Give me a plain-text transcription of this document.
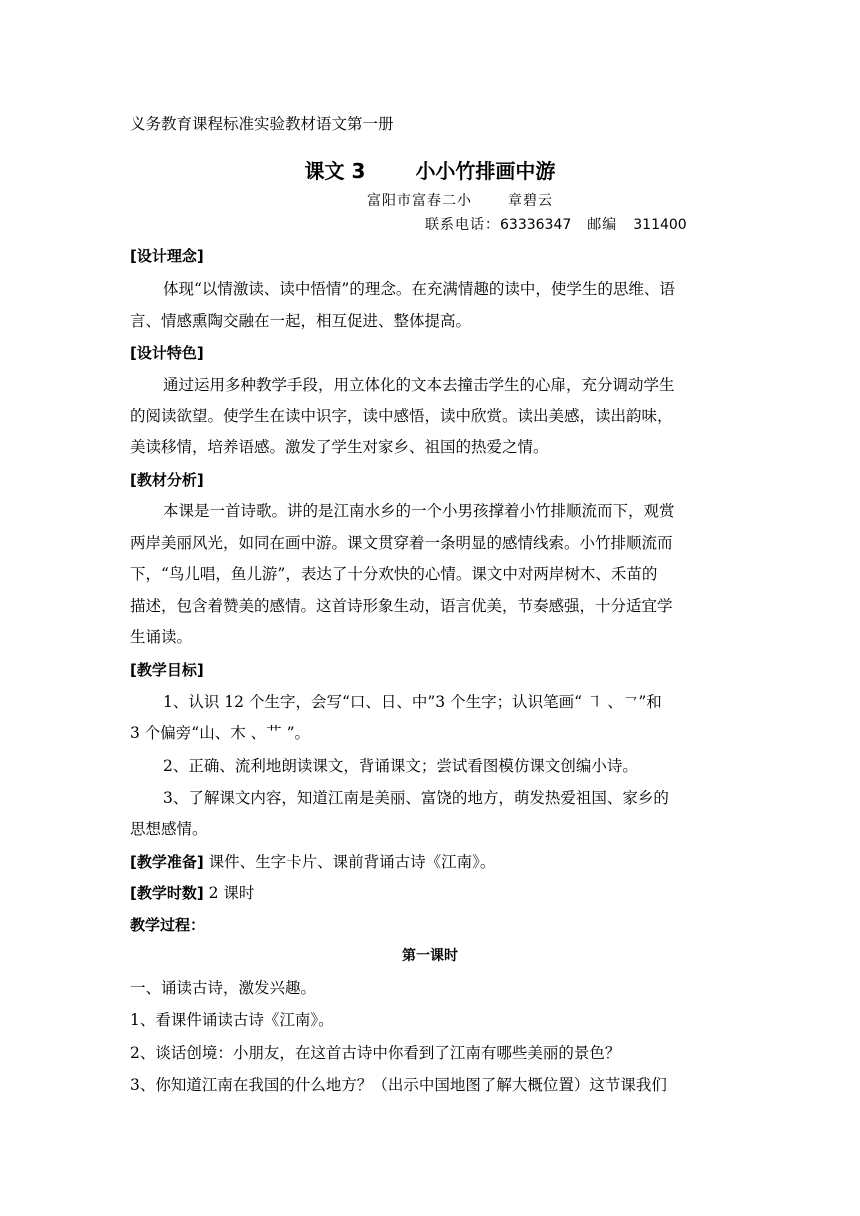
义务教育课程标准实验教材语文第一册
课文 3	小小竹排画中游
富阳市富春二小	章碧云
联系电话：63336347 邮编 311400
[设计理念]
体现“以情激读、读中悟情”的理念。在充满情趣的读中，使学生的思维、语
言、情感熏陶交融在一起，相互促进、整体提高。
[设计特色]
通过运用多种教学手段，用立体化的文本去撞击学生的心扉，充分调动学生
的阅读欲望。使学生在读中识字，读中感悟，读中欣赏。读出美感，读出韵味，
美读移情，培养语感。激发了学生对家乡、祖国的热爱之情。
[教材分析]
本课是一首诗歌。讲的是江南水乡的一个小男孩撑着小竹排顺流而下，观赏
两岸美丽风光，如同在画中游。课文贯穿着一条明显的感情线索。小竹排顺流而
下，“鸟儿唱，鱼儿游”，表达了十分欢快的心情。课文中对两岸树木、禾苗的
描述，包含着赞美的感情。这首诗形象生动，语言优美，节奏感强，十分适宜学
生诵读。
[教学目标]
1、认识 12 个生字，会写“口、日、中”3 个生字；认识笔画“ ㇕ 、㇖”和
3 个偏旁“山、木 、艹 ”。
2、正确、流利地朗读课文，背诵课文；尝试看图模仿课文创编小诗。
3、了解课文内容，知道江南是美丽、富饶的地方，萌发热爱祖国、家乡的
思想感情。
[教学准备] 课件、生字卡片、课前背诵古诗《江南》。
[教学时数] 2 课时
教学过程：
第一课时
一、诵读古诗，激发兴趣。
1、看课件诵读古诗《江南》。
2、谈话创境：小朋友，在这首古诗中你看到了江南有哪些美丽的景色？
3、你知道江南在我国的什么地方？（出示中国地图了解大概位置）这节课我们
